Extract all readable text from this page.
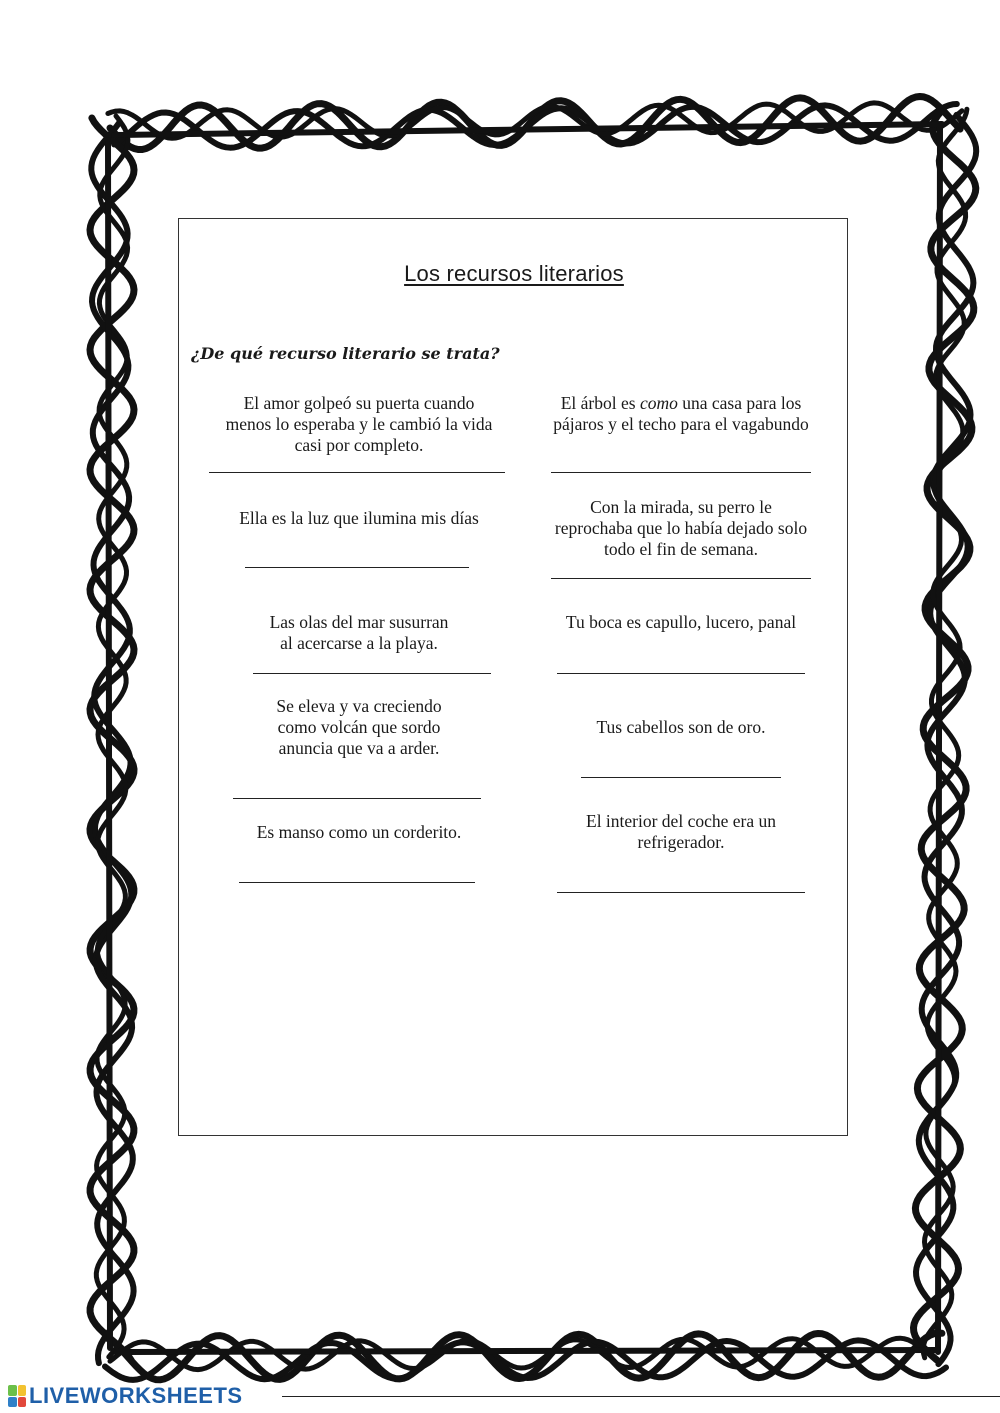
Los recursos literarios
¿De qué recurso literario se trata?
El amor golpeó su puerta cuando
menos lo esperaba y le cambió la vida
casi por completo.
El árbol es como una casa para los
pájaros y el techo para el vagabundo
Ella es la luz que ilumina mis días
Con la mirada, su perro le
reprochaba que lo había dejado solo
todo el fin de semana.
Las olas del mar susurran
al acercarse a la playa.
Tu boca es capullo, lucero, panal
Se eleva y va creciendo
como volcán que sordo
anuncia que va a arder.
Tus cabellos son de oro.
Es manso como un corderito.
El interior del coche era un
refrigerador.
LIVEWORKSHEETS
